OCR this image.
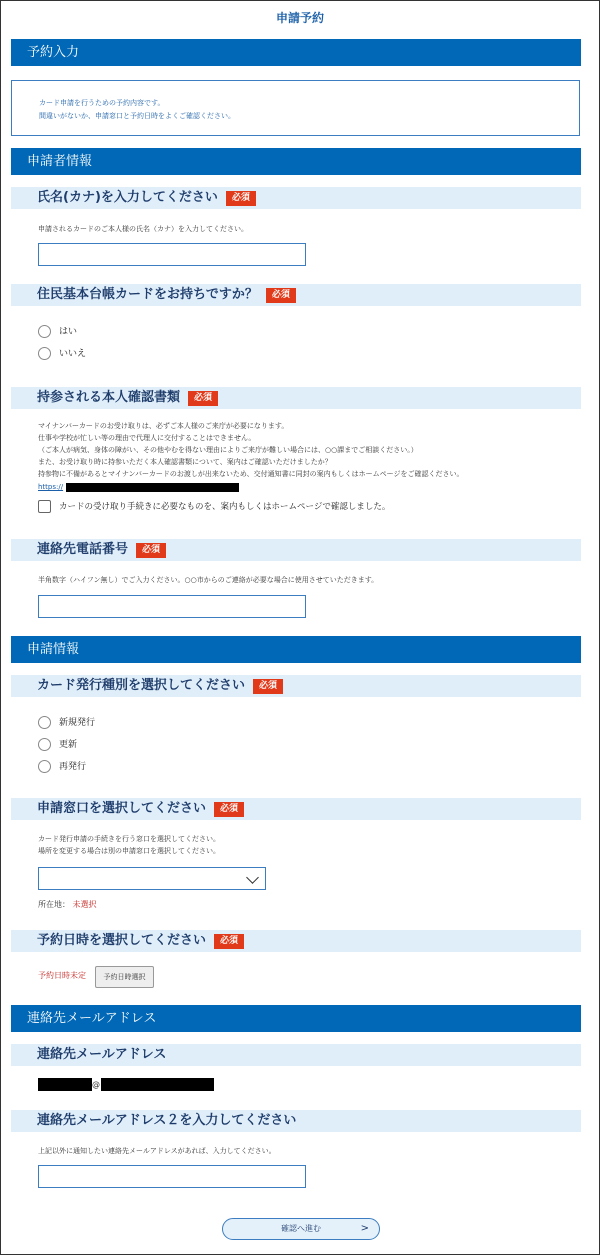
申請予約
予約入力
カード申請を行うための予約内容です。
間違いがないか、申請窓口と予約日時をよくご確認ください。
申請者情報
氏名(カナ)を入力してください 必須
申請されるカードのご本人様の氏名（カナ）を入力してください。
住民基本台帳カードをお持ちですか？ 必須
はい
いいえ
持参される本人確認書類 必須
マイナンバーカードのお受け取りは、必ずご本人様のご来庁が必要になります。
仕事や学校が忙しい等の理由で代理人に交付することはできません。
（ご本人が病気、身体の障がい、その他やむを得ない理由によりご来庁が難しい場合には、○○課までご相談ください。）
また、お受け取り時に持参いただく本人確認書類について、案内はご確認いただけましたか？
持参物に不備があるとマイナンバーカードのお渡しが出来ないため、交付通知書に同封の案内もしくはホームページをご確認ください。
https://
カードの受け取り手続きに必要なものを、案内もしくはホームページで確認しました。
連絡先電話番号 必須
半角数字（ハイフン無し）でご入力ください。○○市からのご連絡が必要な場合に使用させていただきます。
申請情報
カード発行種別を選択してください 必須
新規発行
更新
再発行
申請窓口を選択してください 必須
カード発行申請の手続きを行う窓口を選択してください。
場所を変更する場合は別の申請窓口を選択してください。
所在地： 未選択
予約日時を選択してください 必須
予約日時未定	予約日時選択
連絡先メールアドレス
連絡先メールアドレス
@
連絡先メールアドレス２を入力してください
上記以外に通知したい連絡先メールアドレスがあれば、入力してください。
確認へ進む	>
